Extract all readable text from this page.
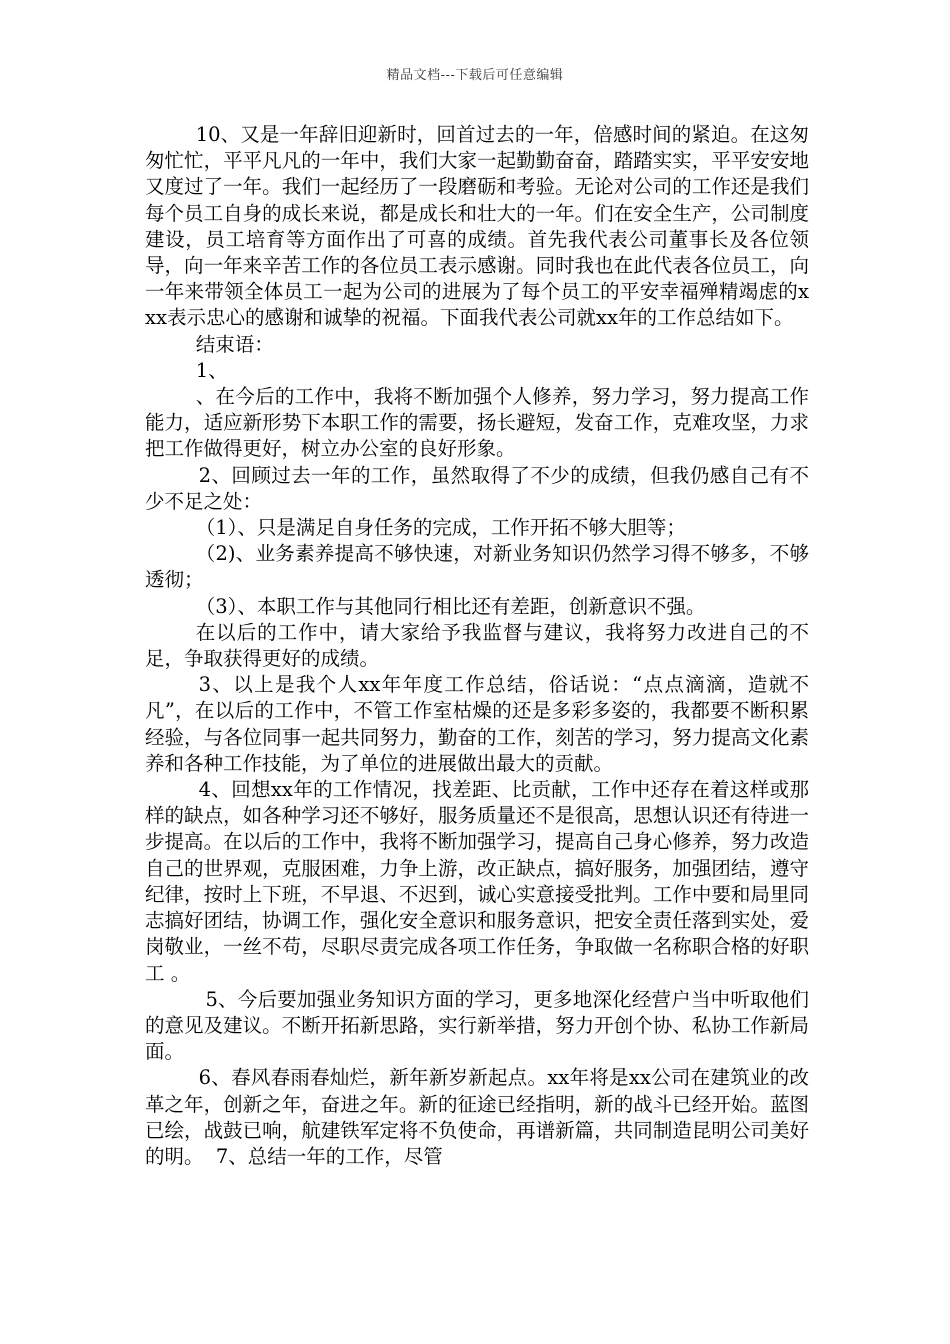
精品文档---下载后可任意编辑

10、又是一年辞旧迎新时，回首过去的一年，倍感时间的紧迫。在这匆匆忙忙，平平凡凡的一年中，我们大家一起勤勤奋奋，踏踏实实，平平安安地又度过了一年。我们一起经历了一段磨砺和考验。无论对公司的工作还是我们每个员工自身的成长来说，都是成长和壮大的一年。们在安全生产，公司制度建设，员工培育等方面作出了可喜的成绩。首先我代表公司董事长及各位领导，向一年来辛苦工作的各位员工表示感谢。同时我也在此代表各位员工，向一年来带领全体员工一起为公司的进展为了每个员工的平安幸福殚精竭虑的xxx表示忠心的感谢和诚挚的祝福。下面我代表公司就xx年的工作总结如下。

结束语：

1、

、在今后的工作中，我将不断加强个人修养，努力学习，努力提高工作能力，适应新形势下本职工作的需要，扬长避短，发奋工作，克难攻坚，力求把工作做得更好，树立办公室的良好形象。

2、回顾过去一年的工作，虽然取得了不少的成绩，但我仍感自己有不少不足之处：

（1）、只是满足自身任务的完成，工作开拓不够大胆等；

（2)、业务素养提高不够快速，对新业务知识仍然学习得不够多，不够透彻；

（3）、本职工作与其他同行相比还有差距，创新意识不强。

在以后的工作中，请大家给予我监督与建议，我将努力改进自己的不足，争取获得更好的成绩。

3、以上是我个人xx年年度工作总结，俗话说：“点点滴滴，造就不凡”，在以后的工作中，不管工作室枯燥的还是多彩多姿的，我都要不断积累经验，与各位同事一起共同努力，勤奋的工作，刻苦的学习，努力提高文化素养和各种工作技能，为了单位的进展做出最大的贡献。

4、回想xx年的工作情况，找差距、比贡献，工作中还存在着这样或那样的缺点，如各种学习还不够好，服务质量还不是很高，思想认识还有待进一步提高。在以后的工作中，我将不断加强学习，提高自己身心修养，努力改造自己的世界观，克服困难，力争上游，改正缺点，搞好服务，加强团结，遵守纪律，按时上下班，不早退、不迟到，诚心实意接受批判。工作中要和局里同志搞好团结，协调工作，强化安全意识和服务意识，把安全责任落到实处，爱岗敬业，一丝不苟，尽职尽责完成各项工作任务，争取做一名称职合格的好职工 。

5、今后要加强业务知识方面的学习，更多地深化经营户当中听取他们的意见及建议。不断开拓新思路，实行新举措，努力开创个协、私协工作新局面。

6、春风春雨春灿烂，新年新岁新起点。xx年将是xx公司在建筑业的改革之年，创新之年，奋进之年。新的征途已经指明，新的战斗已经开始。蓝图已绘，战鼓已响，航建铁军定将不负使命，再谱新篇，共同制造昆明公司美好的明。  7、总结一年的工作，尽管
